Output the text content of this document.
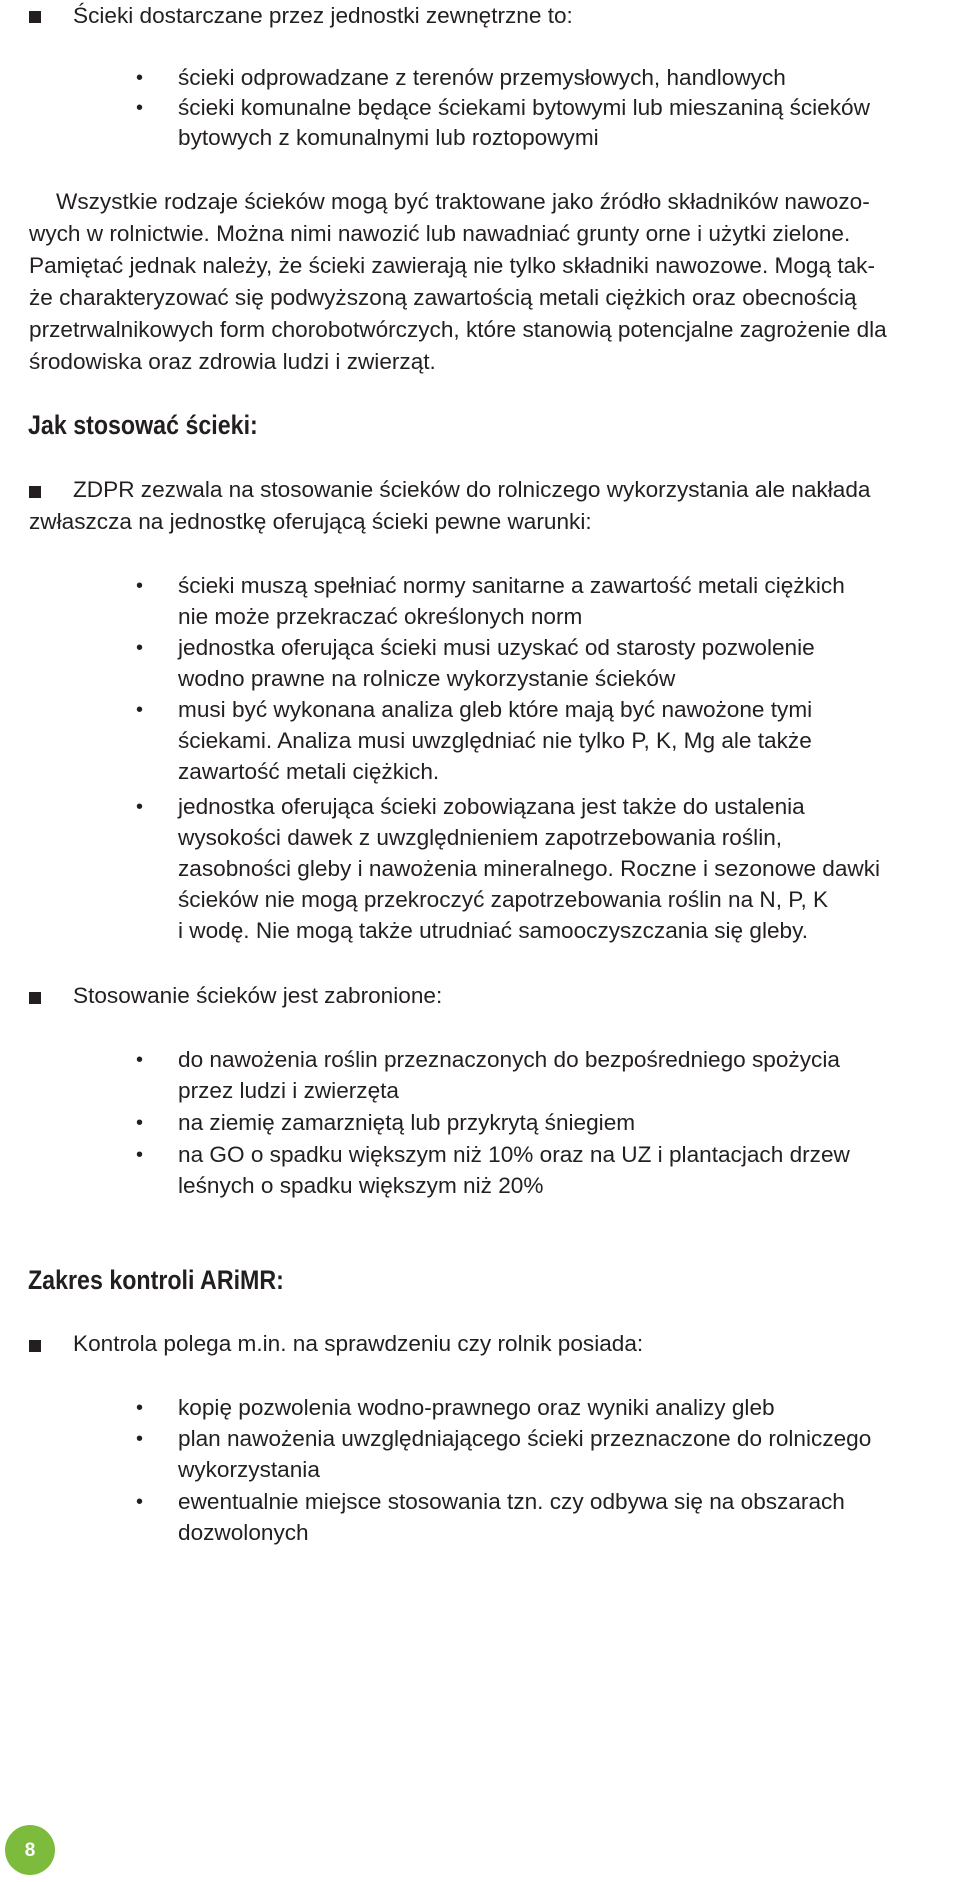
Ścieki dostarczane przez jednostki zewnętrzne to:
• ścieki odprowadzane z terenów przemysłowych, handlowych
• ścieki komunalne będące ściekami bytowymi lub mieszaniną ścieków
bytowych z komunalnymi lub roztopowymi
Wszystkie rodzaje ścieków mogą być traktowane jako źródło składników nawozo-
wych w rolnictwie. Można nimi nawozić lub nawadniać grunty orne i użytki zielone.
Pamiętać jednak należy, że ścieki zawierają nie tylko składniki nawozowe. Mogą tak-
że charakteryzować się podwyższoną zawartością metali ciężkich oraz obecnością
przetrwalnikowych form chorobotwórczych, które stanowią potencjalne zagrożenie dla
środowiska oraz zdrowia ludzi i zwierząt.
Jak stosować ścieki:
ZDPR zezwala na stosowanie ścieków do rolniczego wykorzystania ale nakłada
zwłaszcza na jednostkę oferującą ścieki pewne warunki:
• ścieki muszą spełniać normy sanitarne a zawartość metali ciężkich
nie może przekraczać określonych norm
• jednostka oferująca ścieki musi uzyskać od starosty pozwolenie
wodno prawne na rolnicze wykorzystanie ścieków
• musi być wykonana analiza gleb które mają być nawożone tymi
ściekami. Analiza musi uwzględniać nie tylko P, K, Mg ale także
zawartość metali ciężkich.
• jednostka oferująca ścieki zobowiązana jest także do ustalenia
wysokości dawek z uwzględnieniem zapotrzebowania roślin,
zasobności gleby i nawożenia mineralnego. Roczne i sezonowe dawki
ścieków nie mogą przekroczyć zapotrzebowania roślin na N, P, K
i wodę. Nie mogą także utrudniać samooczyszczania się gleby.
Stosowanie ścieków jest zabronione:
• do nawożenia roślin przeznaczonych do bezpośredniego spożycia
przez ludzi i zwierzęta
• na ziemię zamarzniętą lub przykrytą śniegiem
• na GO o spadku większym niż 10% oraz na UZ i plantacjach drzew
leśnych o spadku większym niż 20%
Zakres kontroli ARiMR:
Kontrola polega m.in. na sprawdzeniu czy rolnik posiada:
• kopię pozwolenia wodno-prawnego oraz wyniki analizy gleb
• plan nawożenia uwzględniającego ścieki przeznaczone do rolniczego
wykorzystania
• ewentualnie miejsce stosowania tzn. czy odbywa się na obszarach
dozwolonych
8
